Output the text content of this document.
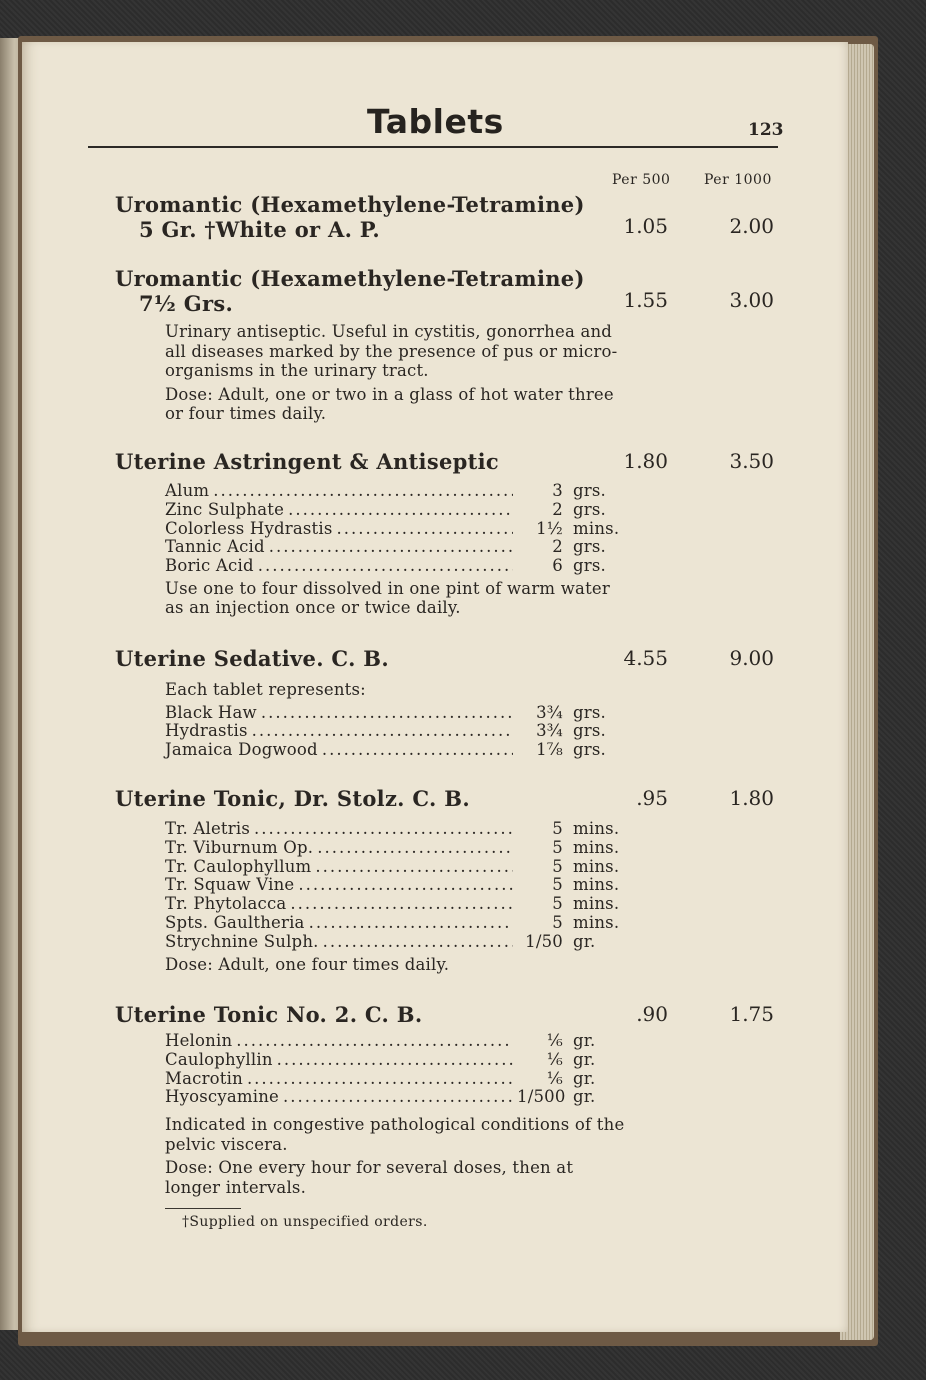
Tablets	123
Per 500 Per 1000
Uromantic (Hexamethylene-Tetramine)
5 Gr. †White or A. P.	1.05	2.00
Uromantic (Hexamethylene-Tetramine)
7½ Grs.	1.55	3.00

Urinary antiseptic. Useful in cystitis, gonorrhea and all diseases marked by the presence of pus or micro-organisms in the urinary tract.

Dose: Adult, one or two in a glass of hot water three or four times daily.

Uterine Astringent & Antiseptic	1.80	3.50
Alum .....	3 grs.
Zinc Sulphate .....	2 grs.
Colorless Hydrastis .....	1½ mins.
Tannic Acid .....	2 grs.
Boric Acid .....	6 grs.

Use one to four dissolved in one pint of warm water as an injection once or twice daily.

Uterine Sedative. C. B.	4.55	9.00

Each tablet represents:

Black Haw .....	3¾ grs.
Hydrastis .....	3¾ grs.
Jamaica Dogwood .....	1⅞ grs.
Uterine Tonic, Dr. Stolz. C. B.	.95	1.80
Tr. Aletris .....	5 mins.
Tr. Viburnum Op. .....	5 mins.
Tr. Caulophyllum .....	5 mins.
Tr. Squaw Vine .....	5 mins.
Tr. Phytolacca .....	5 mins.
Spts. Gaultheria .....	5 mins.
Strychnine Sulph. .....	1/50 gr.

Dose: Adult, one four times daily.

Uterine Tonic No. 2. C. B.	.90	1.75
Helonin .....	⅙ gr.
Caulophyllin .....	⅙ gr.
Macrotin .....	⅙ gr.
Hyoscyamine .....	1/500 gr.

Indicated in congestive pathological conditions of the pelvic viscera.

Dose: One every hour for several doses, then at longer intervals.

†Supplied on unspecified orders.
